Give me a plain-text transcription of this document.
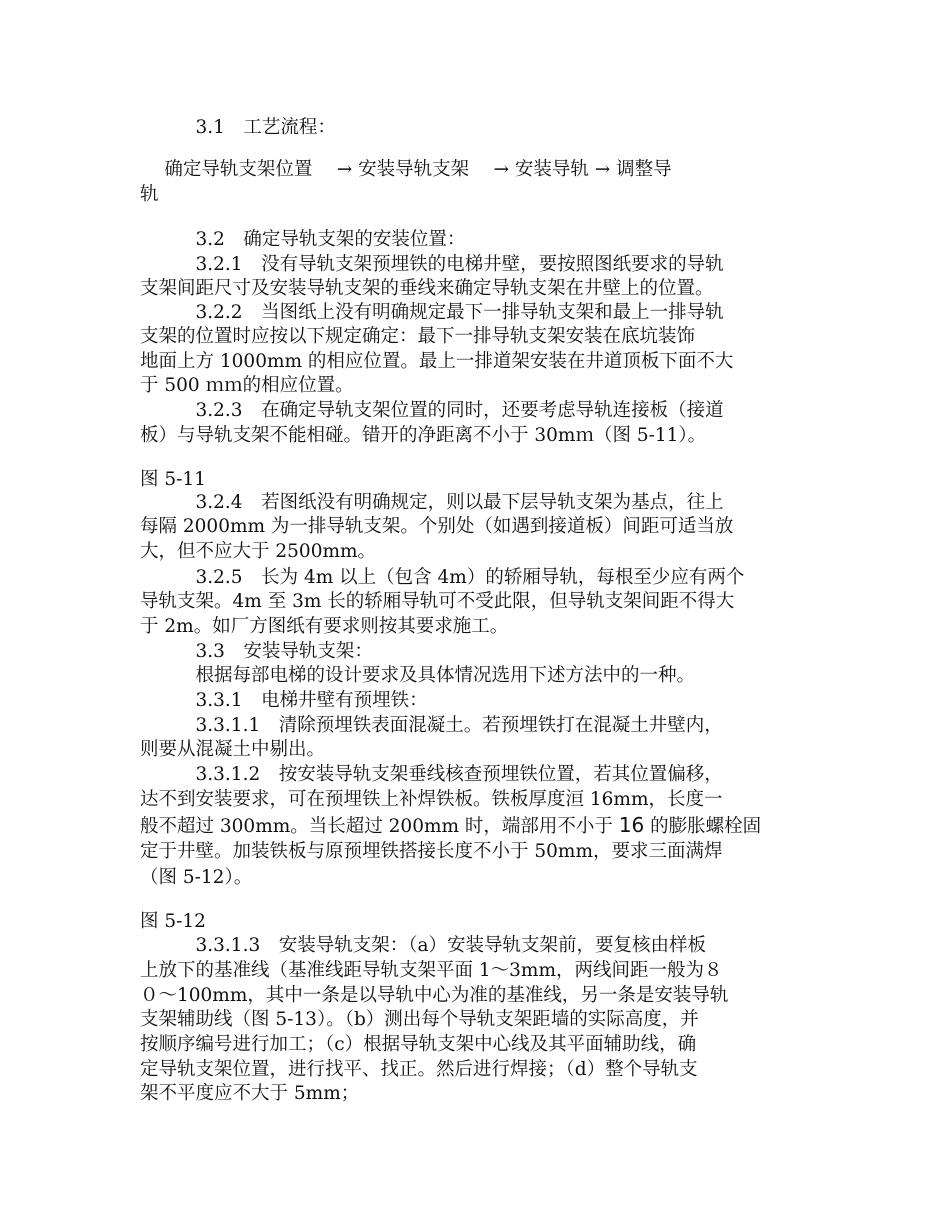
　　　3.1　工艺流程：
　 确定导轨支架位置　 → 安装导轨支架　 → 安装导轨 → 调整导
轨
　　　3.2　确定导轨支架的安装位置：
　　　3.2.1　没有导轨支架预埋铁的电梯井壁，要按照图纸要求的导轨
支架间距尺寸及安装导轨支架的垂线来确定导轨支架在井壁上的位置。
　　　3.2.2　当图纸上没有明确规定最下一排导轨支架和最上一排导轨
支架的位置时应按以下规定确定：最下一排导轨支架安装在底坑装饰
地面上方 1000mm 的相应位置。最上一排道架安装在井道顶板下面不大
于 500 ｍｍ的相应位置。
　　　3.2.3　在确定导轨支架位置的同时，还要考虑导轨连接板（接道
板）与导轨支架不能相碰。错开的净距离不小于 30mｍ（图 5-11）。
图 5-11
　　　3.2.4　若图纸没有明确规定，则以最下层导轨支架为基点，往上
每隔 2000mm 为一排导轨支架。个别处（如遇到接道板）间距可适当放
大，但不应大于 2500mm。
　　　3.2.5　长为 4m 以上（包含 4m）的轿厢导轨，每根至少应有两个
导轨支架。4m 至 3m 长的轿厢导轨可不受此限，但导轨支架间距不得大
于 2m。如厂方图纸有要求则按其要求施工。
　　　3.3　安装导轨支架：
　　　根据每部电梯的设计要求及具体情况选用下述方法中的一种。
　　　3.3.1　电梯井壁有预埋铁：
　　　3.3.1.1　清除预埋铁表面混凝土。若预埋铁打在混凝土井壁内，
则要从混凝土中剔出。
　　　3.3.1.2　按安装导轨支架垂线核查预埋铁位置，若其位置偏移，
达不到安装要求，可在预埋铁上补焊铁板。铁板厚度洹 16mm，长度一
般不超过 300mm。当长超过 200mm 时，端部用不小于 16 的膨胀螺栓固
定于井壁。加装铁板与原预埋铁搭接长度不小于 50mm，要求三面满焊
（图 5-12）。
图 5-12
　　　3.3.1.3　安装导轨支架：（a）安装导轨支架前，要复核由样板
上放下的基准线（基准线距导轨支架平面 1～3mm，两线间距一般为８
０～100mm，其中一条是以导轨中心为准的基准线，另一条是安装导轨
支架辅助线（图 5-13）。（b）测出每个导轨支架距墙的实际高度，并
按顺序编号进行加工；（c）根据导轨支架中心线及其平面辅助线，确
定导轨支架位置，进行找平、找正。然后进行焊接；（d）整个导轨支
架不平度应不大于 5mm；
